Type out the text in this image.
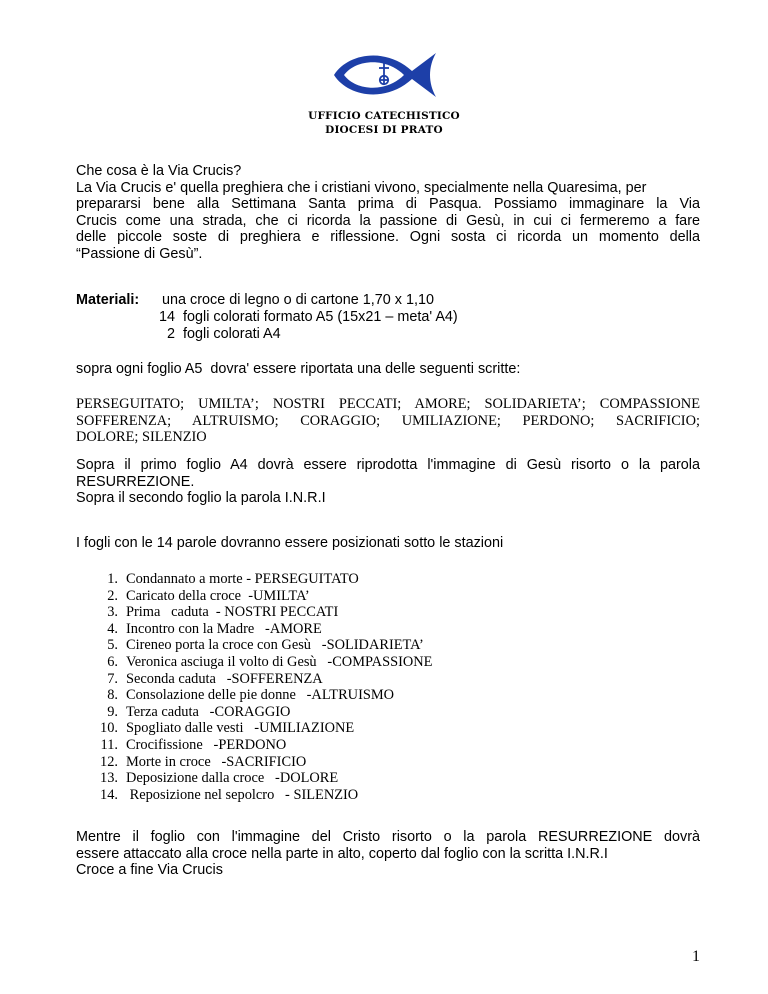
UFFICIO CATECHISTICO
DIOCESI DI PRATO
Che cosa è la Via Crucis?
La Via Crucis e' quella preghiera che i cristiani vivono, specialmente nella Quaresima, per
prepararsi bene alla Settimana Santa prima di Pasqua. Possiamo immaginare la Via
Crucis come una strada, che ci ricorda la passione di Gesù, in cui ci fermeremo a fare
delle piccole soste di preghiera e riflessione. Ogni sosta ci ricorda un momento della
“Passione di Gesù”.
Materiali: una croce di legno o di cartone 1,70 x 1,10
14  fogli colorati formato A5 (15x21 – meta' A4)
2  fogli colorati A4
sopra ogni foglio A5  dovra' essere riportata una delle seguenti scritte:
PERSEGUITATO; UMILTA’; NOSTRI PECCATI; AMORE; SOLIDARIETA’; COMPASSIONE
SOFFERENZA; ALTRUISMO; CORAGGIO; UMILIAZIONE; PERDONO; SACRIFICIO;
DOLORE; SILENZIO
Sopra il primo foglio A4 dovrà essere riprodotta l'immagine di Gesù risorto o la parola
RESURREZIONE.
Sopra il secondo foglio la parola I.N.R.I
I fogli con le 14 parole dovranno essere posizionati sotto le stazioni
1. Condannato a morte - PERSEGUITATO
2. Caricato della croce  -UMILTA’
3. Prima   caduta  - NOSTRI PECCATI
4. Incontro con la Madre   -AMORE
5. Cireneo porta la croce con Gesù   -SOLIDARIETA’
6. Veronica asciuga il volto di Gesù   -COMPASSIONE
7. Seconda caduta   -SOFFERENZA
8. Consolazione delle pie donne   -ALTRUISMO
9. Terza caduta   -CORAGGIO
10. Spogliato dalle vesti   -UMILIAZIONE
11. Crocifissione   -PERDONO
12. Morte in croce   -SACRIFICIO
13. Deposizione dalla croce   -DOLORE
14. Reposizione nel sepolcro   - SILENZIO
Mentre il foglio con l'immagine del Cristo risorto o la parola RESURREZIONE dovrà
essere attaccato alla croce nella parte in alto, coperto dal foglio con la scritta I.N.R.I
Croce a fine Via Crucis
1
